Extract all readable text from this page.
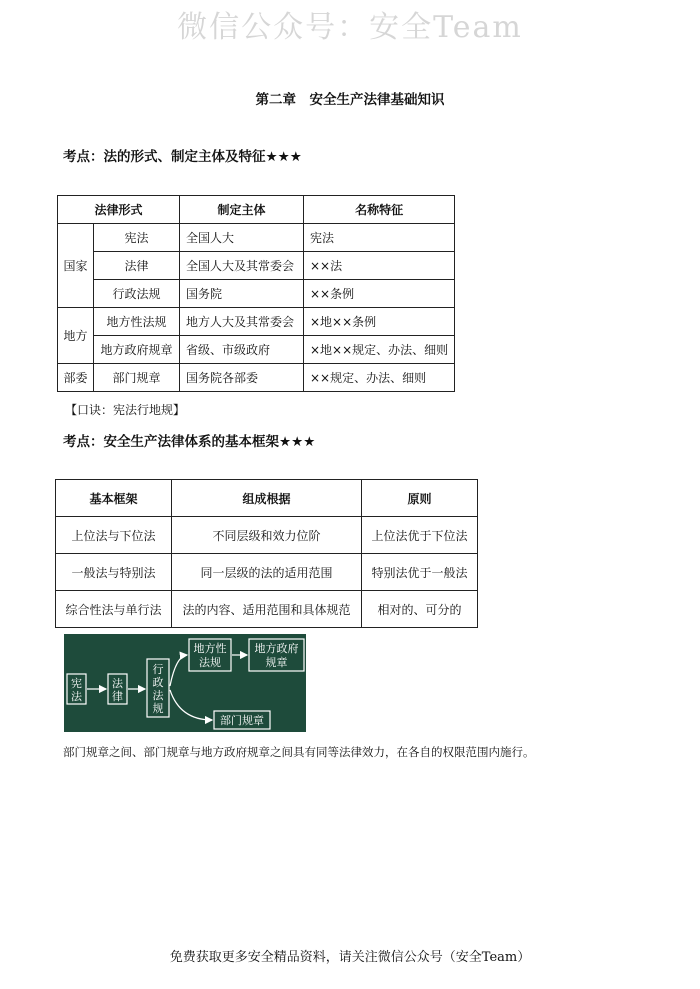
微信公众号：安全Team
第二章　安全生产法律基础知识
考点：法的形式、制定主体及特征★★★
法律形式		制定主体	名称特征
国家	宪法	全国人大	宪法
	法律	全国人大及其常委会	××法
	行政法规	国务院	××条例
地方	地方性法规	地方人大及其常委会	×地××条例
	地方政府规章	省级、市级政府	×地××规定、办法、细则
部委	部门规章	国务院各部委	××规定、办法、细则
【口诀：宪法行地规】
考点：安全生产法律体系的基本框架★★★
基本框架	组成根据	原则
上位法与下位法	不同层级和效力位阶	上位法优于下位法
一般法与特别法	同一层级的法的适用范围	特别法优于一般法
综合性法与单行法	法的内容、适用范围和具体规范	相对的、可分的
宪
法
法
律
行
政
法
规
地方性
法规
地方政府
规章
部门规章
部门规章之间、部门规章与地方政府规章之间具有同等法律效力，在各自的权限范围内施行。
免费获取更多安全精品资料，请关注微信公众号（安全Team）
